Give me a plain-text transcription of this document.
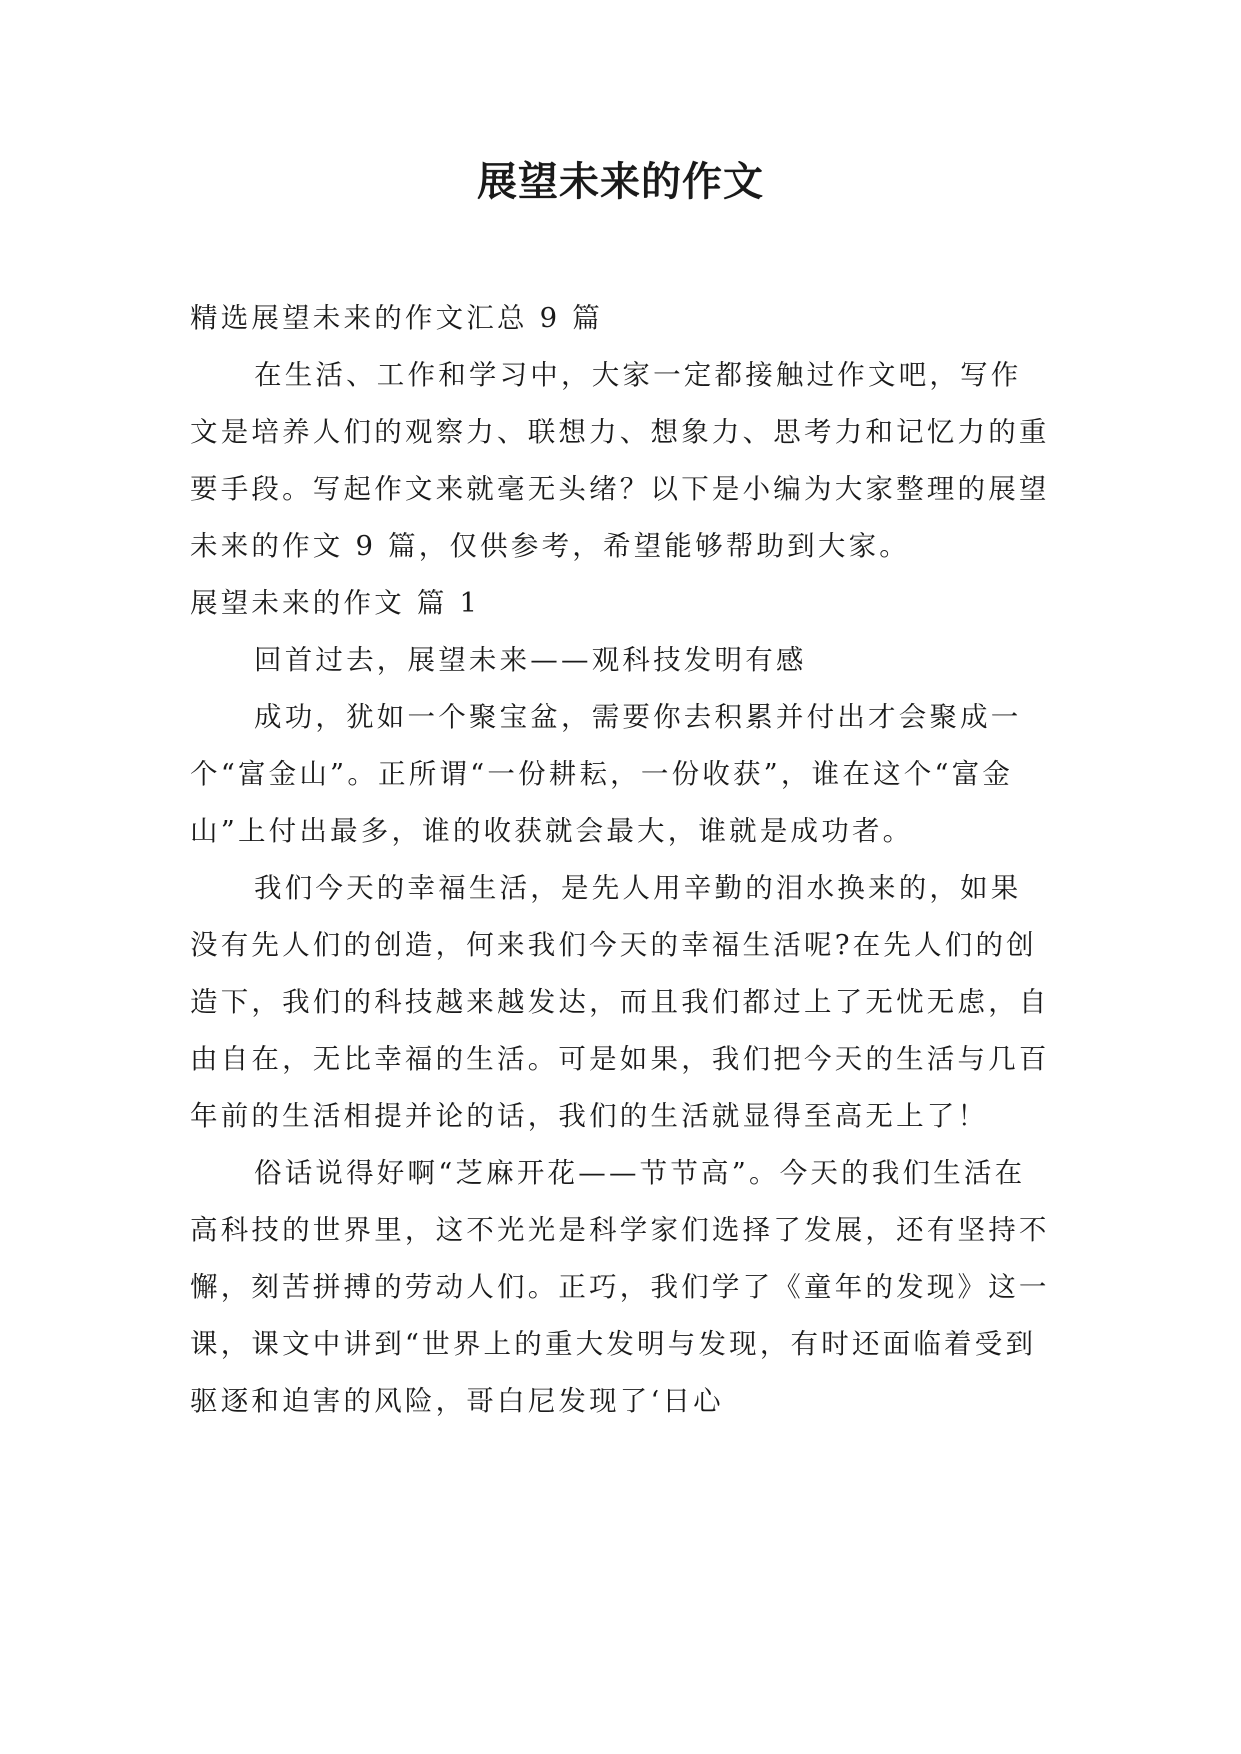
展望未来的作文

精选展望未来的作文汇总 9 篇

在生活、工作和学习中，大家一定都接触过作文吧，写作文是培养人们的观察力、联想力、想象力、思考力和记忆力的重要手段。写起作文来就毫无头绪？以下是小编为大家整理的展望未来的作文 9 篇，仅供参考，希望能够帮助到大家。

展望未来的作文 篇 1

回首过去，展望未来——观科技发明有感

成功，犹如一个聚宝盆，需要你去积累并付出才会聚成一个“富金山”。正所谓“一份耕耘，一份收获”，谁在这个“富金山”上付出最多，谁的收获就会最大，谁就是成功者。

我们今天的幸福生活，是先人用辛勤的泪水换来的，如果没有先人们的创造，何来我们今天的幸福生活呢?在先人们的创造下，我们的科技越来越发达，而且我们都过上了无忧无虑，自由自在，无比幸福的生活。可是如果，我们把今天的生活与几百年前的生活相提并论的话，我们的生活就显得至高无上了！

俗话说得好啊“芝麻开花——节节高”。今天的我们生活在高科技的世界里，这不光光是科学家们选择了发展，还有坚持不懈，刻苦拼搏的劳动人们。正巧，我们学了《童年的发现》这一课，课文中讲到“世界上的重大发明与发现，有时还面临着受到驱逐和迫害的风险，哥白尼发现了‘日心
